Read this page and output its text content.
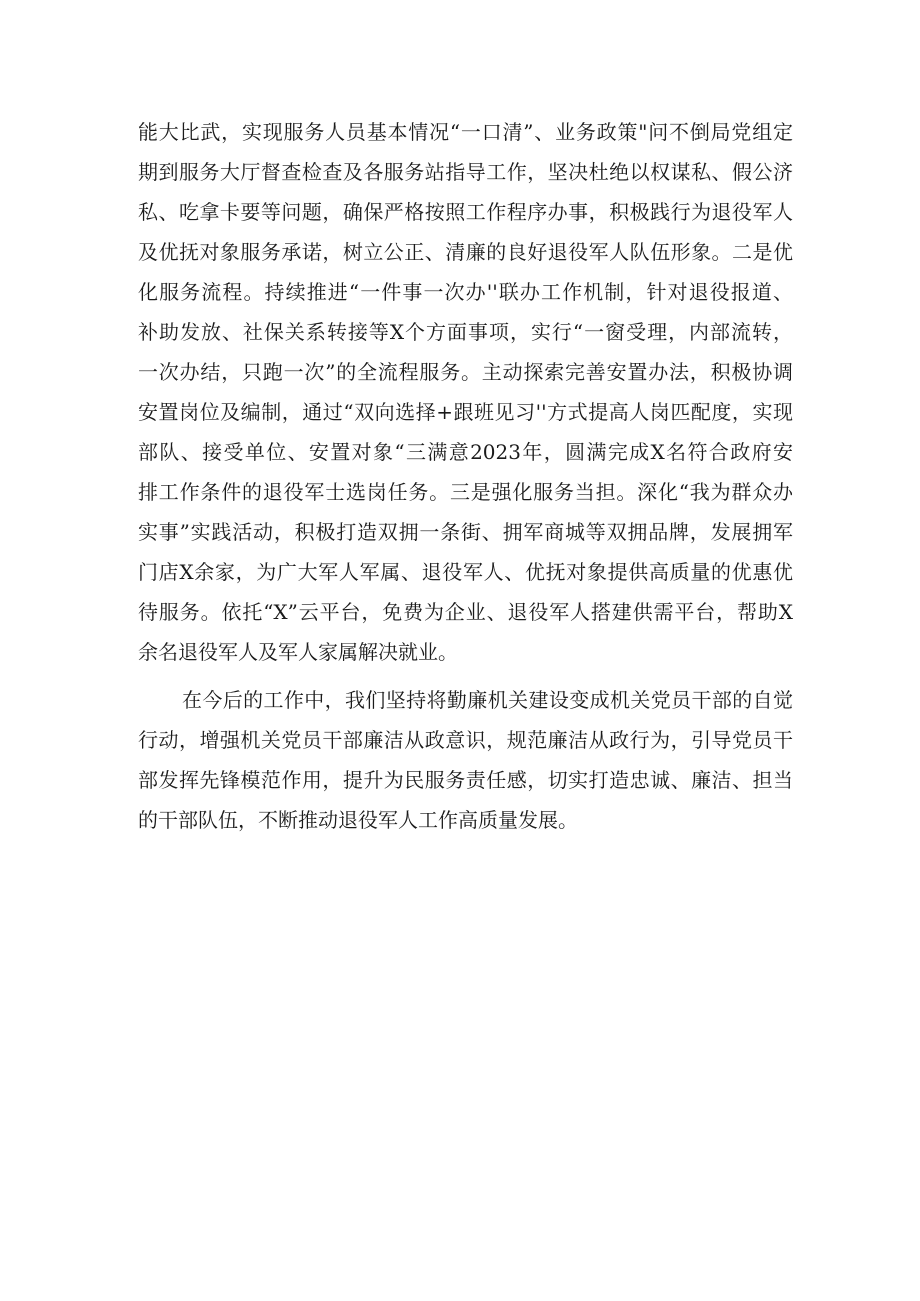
能大比武，实现服务人员基本情况“一口清”、业务政策"问不倒局党组定
期到服务大厅督查检查及各服务站指导工作，坚决杜绝以权谋私、假公济
私、吃拿卡要等问题，确保严格按照工作程序办事，积极践行为退役军人
及优抚对象服务承诺，树立公正、清廉的良好退役军人队伍形象。二是优
化服务流程。持续推进“一件事一次办''联办工作机制，针对退役报道、
补助发放、社保关系转接等X个方面事项，实行“一窗受理，内部流转，
一次办结，只跑一次”的全流程服务。主动探索完善安置办法，积极协调
安置岗位及编制，通过“双向选择+跟班见习''方式提高人岗匹配度，实现
部队、接受单位、安置对象“三满意2023年，圆满完成X名符合政府安
排工作条件的退役军士选岗任务。三是强化服务当担。深化“我为群众办
实事”实践活动，积极打造双拥一条街、拥军商城等双拥品牌，发展拥军
门店X余家，为广大军人军属、退役军人、优抚对象提供高质量的优惠优
待服务。依托“X”云平台，免费为企业、退役军人搭建供需平台，帮助X
余名退役军人及军人家属解决就业。
在今后的工作中，我们坚持将勤廉机关建设变成机关党员干部的自觉
行动，增强机关党员干部廉洁从政意识，规范廉洁从政行为，引导党员干
部发挥先锋模范作用，提升为民服务责任感，切实打造忠诚、廉洁、担当
的干部队伍，不断推动退役军人工作高质量发展。
